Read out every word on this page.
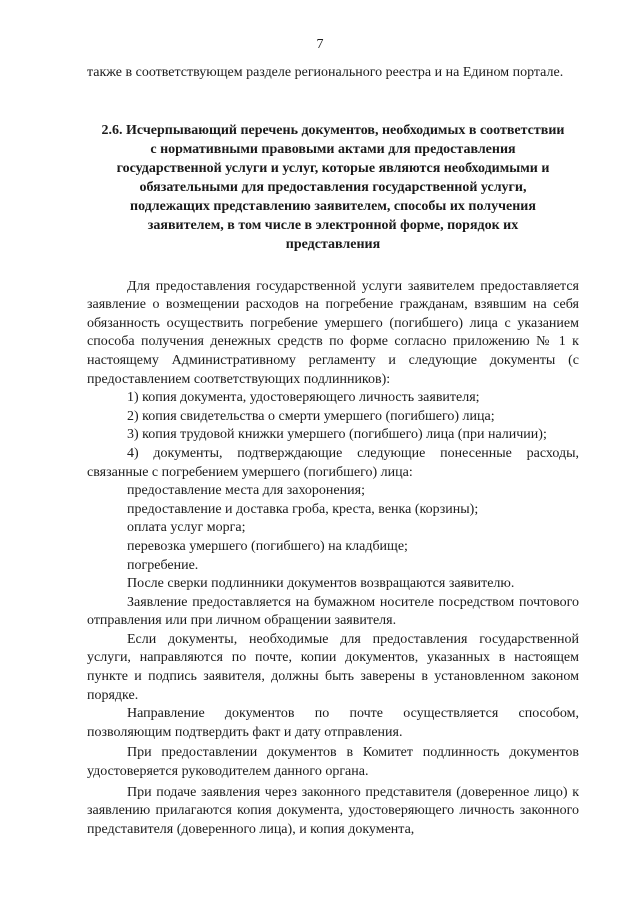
7

также в соответствующем разделе регионального реестра и на Едином портале.

2.6. Исчерпывающий перечень документов, необходимых в соответствии с нормативными правовыми актами для предоставления государственной услуги и услуг, которые являются необходимыми и обязательными для предоставления государственной услуги, подлежащих представлению заявителем, способы их получения заявителем, в том числе в электронной форме, порядок их представления

Для предоставления государственной услуги заявителем предоставляется заявление о возмещении расходов на погребение гражданам, взявшим на себя обязанность осуществить погребение умершего (погибшего) лица с указанием способа получения денежных средств по форме согласно приложению № 1 к настоящему Административному регламенту и следующие документы (с предоставлением соответствующих подлинников):

1) копия документа, удостоверяющего личность заявителя;

2) копия свидетельства о смерти умершего (погибшего) лица;

3) копия трудовой книжки умершего (погибшего) лица (при наличии);

4) документы, подтверждающие следующие понесенные расходы, связанные с погребением умершего (погибшего) лица:

предоставление места для захоронения;

предоставление и доставка гроба, креста, венка (корзины);

оплата услуг морга;

перевозка умершего (погибшего) на кладбище;

погребение.

После сверки подлинники документов возвращаются заявителю.

Заявление предоставляется на бумажном носителе посредством почтового отправления или при личном обращении заявителя.

Если документы, необходимые для предоставления государственной услуги, направляются по почте, копии документов, указанных в настоящем пункте и подпись заявителя, должны быть заверены в установленном законом порядке.

Направление документов по почте осуществляется способом, позволяющим подтвердить факт и дату отправления.

При предоставлении документов в Комитет подлинность документов удостоверяется руководителем данного органа.

При подаче заявления через законного представителя (доверенное лицо) к заявлению прилагаются копия документа, удостоверяющего личность законного представителя (доверенного лица), и копия документа,
